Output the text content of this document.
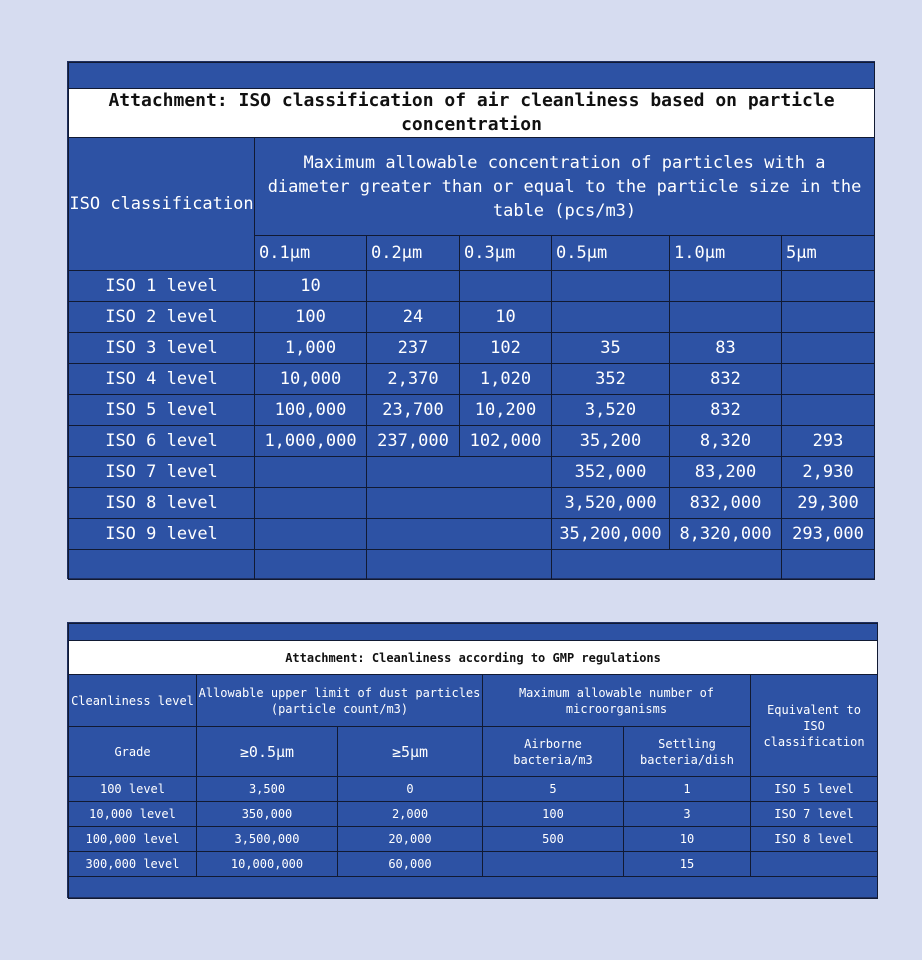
Attachment: ISO classification of air cleanliness based on particle concentration						
ISO classification	Maximum allowable concentration of particles with a diameter greater than or equal to the particle size in the table (pcs/m3)					
	0.1μm	0.2μm	0.3μm	0.5μm	1.0μm	5μm
ISO 1 level	10					
ISO 2 level	100	24	10			
ISO 3 level	1,000	237	102	35	83	
ISO 4 level	10,000	2,370	1,020	352	832	
ISO 5 level	100,000	23,700	10,200	3,520	832	
ISO 6 level	1,000,000	237,000	102,000	35,200	8,320	293
ISO 7 level				352,000	83,200	2,930
ISO 8 level				3,520,000	832,000	29,300
ISO 9 level				35,200,000	8,320,000	293,000

Attachment: Cleanliness according to GMP regulations					
Cleanliness level	Allowable upper limit of dust particles (particle count/m3)		Maximum allowable number of microorganisms		Equivalent to ISO classification
Grade	≥0.5μm	≥5μm	Airborne bacteria/m3	Settling bacteria/dish	
100 level	3,500	0	5	1	ISO 5 level
10,000 level	350,000	2,000	100	3	ISO 7 level
100,000 level	3,500,000	20,000	500	10	ISO 8 level
300,000 level	10,000,000	60,000		15	
